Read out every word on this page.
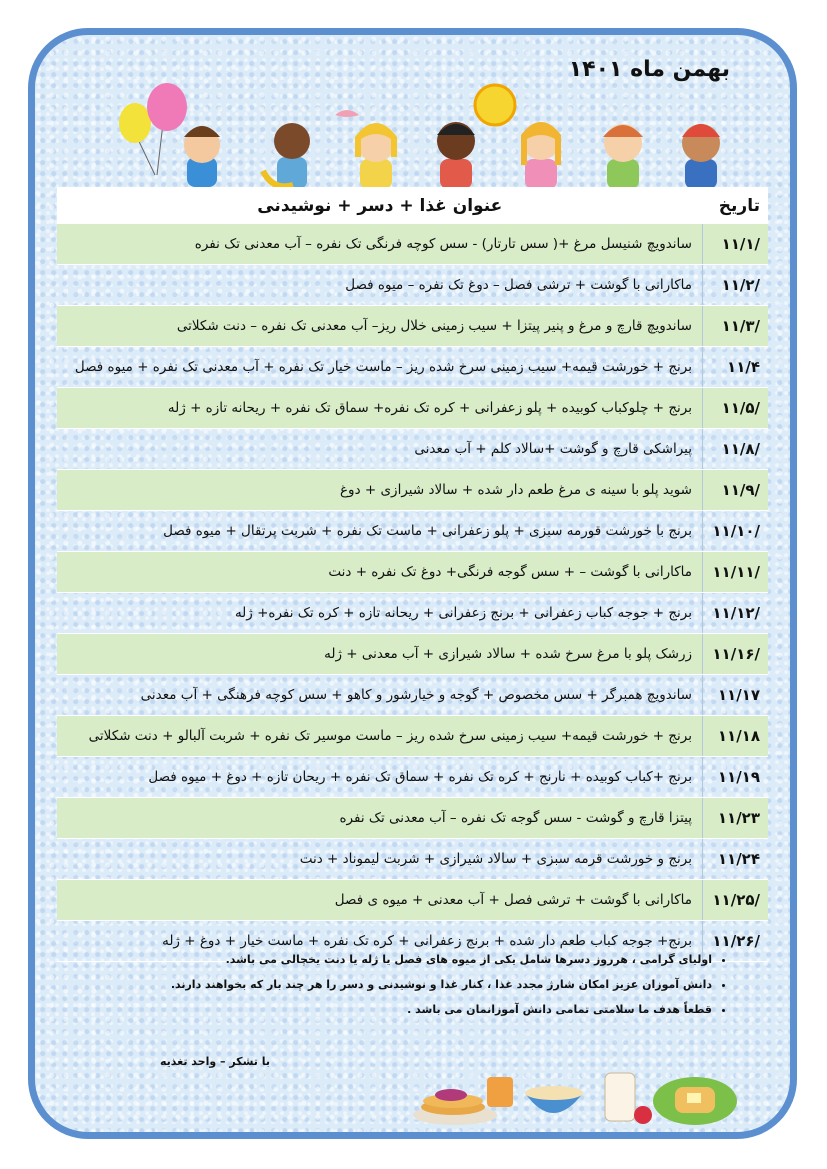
بهمن ماه ۱۴۰۱
تاریخ	عنوان غذا + دسر + نوشیدنی
/۱۱/۱	ساندویچ شنیسل مرغ +( سس تارتار) - سس کوچه فرنگی تک نفره – آب معدنی تک نفره
/۱۱/۲	ماکارانی با گوشت + ترشی فصل – دوغ تک نفره – میوه فصل
/۱۱/۳	ساندویچ قارچ و مرغ و پنیر پیتزا + سیب زمینی خلال ریز– آب معدنی تک نفره – دنت شکلاتی
۱۱/۴	برنج + خورشت قیمه+ سیب زمینی سرخ شده ریز – ماست خیار تک نفره + آب معدنی تک نفره + میوه فصل
/۱۱/۵	برنج + چلوکباب کوبیده + پلو زعفرانی + کره تک نفره+ سماق تک نفره + ریحانه تازه + ژله
/۱۱/۸	پیراشکی قارچ و گوشت +سالاد کلم + آب معدنی
/۱۱/۹	شوید پلو با سینه ی مرغ طعم دار شده + سالاد شیرازی + دوغ
/۱۱/۱۰	برنج با خورشت قورمه سبزی + پلو زعفرانی + ماست تک نفره + شربت پرتقال + میوه فصل
/۱۱/۱۱	ماکارانی با گوشت – + سس گوجه فرنگی+ دوغ تک نفره + دنت
/۱۱/۱۲	برنج + جوجه کباب زعفرانی + برنج زعفرانی + ریحانه تازه + کره تک نفره+ ژله
/۱۱/۱۶	زرشک پلو با مرغ سرخ شده + سالاد شیرازی + آب معدنی + ژله
۱۱/۱۷	ساندویچ همبرگر + سس مخصوص + گوجه و خیارشور و کاهو + سس کوچه فرهنگی + آب معدنی
۱۱/۱۸	برنج + خورشت قیمه+ سیب زمینی سرخ شده ریز – ماست موسیر تک نفره + شربت آلبالو + دنت شکلاتی
۱۱/۱۹	برنج +کباب کوبیده + نارنج + کره تک نفره + سماق تک نفره + ریحان تازه + دوغ + میوه فصل
۱۱/۲۳	پیتزا قارچ و گوشت - سس گوجه تک نفره – آب معدنی تک نفره
۱۱/۲۴	برنج و خورشت قرمه سبزی + سالاد شیرازی + شربت لیموناد + دنت
/۱۱/۲۵	ماکارانی با گوشت + ترشی فصل + آب معدنی + میوه ی فصل
/۱۱/۲۶	برنج+ جوجه کباب طعم دار شده + برنج زعفرانی + کره تک نفره + ماست خیار + دوغ + ژله
• اولیای گرامی ، هرروز دسرها شامل یکی از میوه های فصل یا ژله یا دنت یخچالی می باشد.
• دانش آموزان عزیز امکان شارژ مجدد غذا ، کنار غذا و نوشیدنی و دسر را هر چند بار که بخواهند دارند.
• قطعاً هدف ما سلامتی تمامی دانش آموزانمان می باشد .
با تشکر – واحد تغذیه
